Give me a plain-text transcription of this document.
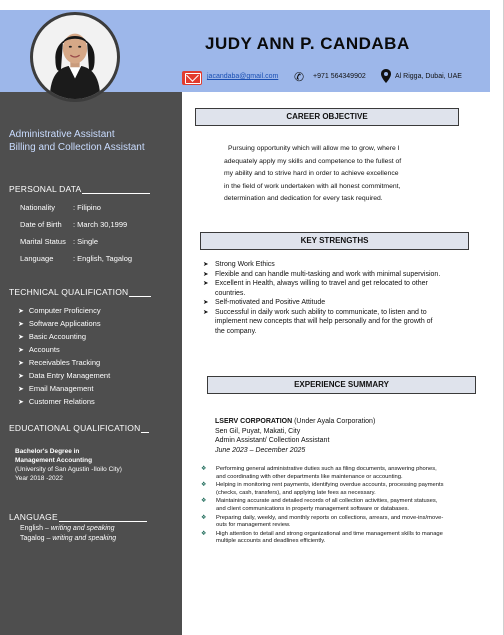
JUDY ANN P. CANDABA
jacandaba@gmail.com ✆ +971 564349902	Al Rigga, Dubai, UAE
Administrative Assistant
Billing and Collection Assistant
PERSONAL DATA
Nationality : Filipino
Date of Birth : March 30,1999
Marital Status : Single
Language	: English, Tagalog
TECHNICAL QUALIFICATION
➤ Computer Proficiency
➤ Software Applications
➤ Basic Accounting
➤ Accounts
➤ Receivables Tracking
➤ Data Entry Management
➤ Email Management
➤ Customer Relations
EDUCATIONAL QUALIFICATION
Bachelor's Degree in
Management Accounting
(University of San Agustin -Iloilo City)
Year 2018 -2022
LANGUAGE
English – writing and speaking
Tagalog – writing and speaking
CAREER OBJECTIVE
Pursuing opportunity which will allow me to grow, where I
adequately apply my skills and competence to the fullest of
my ability and to strive hard in order to achieve excellence
in the field of work undertaken with all honest commitment,
determination and dedication for every task required.
KEY STRENGTHS
➤ Strong Work Ethics
➤ Flexible and can handle multi-tasking and work with minimal supervision.
➤ Excellent in Health, always willing to travel and get relocated to other countries.
➤ Self-motivated and Positive Attitude
➤ Successful in daily work such ability to communicate, to listen and to implement new concepts that will help personally and for the growth of the company.
EXPERIENCE SUMMARY
LSERV CORPORATION (Under Ayala Corporation)
Sen Gil, Puyat, Makati, City
Admin Assistant/ Collection Assistant
June 2023 – December 2025
❖ Performing general administrative duties such as filing documents, answering phones, and coordinating with other departments like maintenance or accounting.
❖ Helping in monitoring rent payments, identifying overdue accounts, processing payments (checks, cash, transfers), and applying late fees as necessary.
❖ Maintaining accurate and detailed records of all collection activities, payment statuses, and client communications in property management software or databases.
❖ Preparing daily, weekly, and monthly reports on collections, arrears, and move-ins/move-outs for management review.
❖ High attention to detail and strong organizational and time management skills to manage multiple accounts and deadlines efficiently.
